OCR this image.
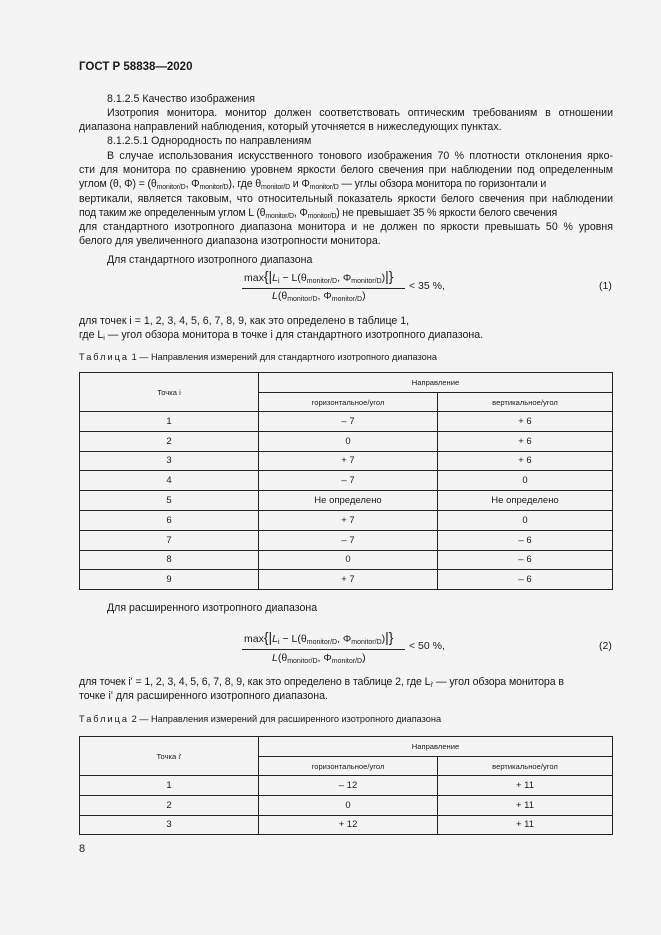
ГОСТ Р 58838—2020
8.1.2.5 Качество изображения
Изотропия монитора. монитор должен соответствовать оптическим требованиям в отношении
диапазона направлений наблюдения, который уточняется в нижеследующих пунктах.
8.1.2.5.1 Однородность по направлениям
В случае использования искусственного тонового изображения 70 % плотности отклонения ярко-
сти для монитора по сравнению уровнем яркости белого свечения при наблюдении под определенным
углом (θ, $\Phi) = (\theta_{monitor/D}$, $\Phi_{monitor/D}$), где $\theta_{monitor/D}$ и $\Phi_{monitor/D}$ — углы обзора монитора по горизонтали и
вертикали, является таковым, что относительный показатель яркости белого свечения при наблюдении
под таким же определенным углом L ($\theta_{monitor/D}$, $\Phi_{monitor/D}$) не превышает 35 % яркости белого свечения
для стандартного изотропного диапазона монитора и не должен по яркости превышать 50 % уровня
белого для увеличенного диапазона изотропности монитора.
Для стандартного изотропного диапазона
$\max\{|L_i - L(\theta_{monitor/D}$, $\Phi_{monitor/D})|$}
$L(\theta_{monitor/D}$, $\Phi_{monitor/D}$)
< 35 %,	(1)
для точек i = 1, 2, 3, 4, 5, 6, 7, 8, 9, как это определено в таблице 1,
где $L_i$ — угол обзора монитора в точке i для стандартного изотропного диапазона.
Таблица 1 — Направления измерений для стандартного изотропного диапазона
Точка i	Направление	
	горизонтальное/угол	вертикальное/угол
1	– 7	+ 6
2	0	+ 6
3	+ 7	+ 6
4	– 7	0
5	Не определено	Не определено
6	+ 7	0
7	– 7	– 6
8	0	– 6
9	+ 7	– 6
Для расширенного изотропного диапазона
$\max\{|L_i - L(\theta_{monitor/D}$, $\Phi_{monitor/D})|$}
$L(\theta_{monitor/D}$, $\Phi_{monitor/D}$)
< 50 %,	(2)
для точек i' = 1, 2, 3, 4, 5, 6, 7, 8, 9, как это определено в таблице 2, где $L_{i'}$ — угол обзора монитора в
точке i' для расширенного изотропного диапазона.
Таблица 2 — Направления измерений для расширенного изотропного диапазона
Точка i'	Направление	
	горизонтальное/угол	вертикальное/угол
1	– 12	+ 11
2	0	+ 11
3	+ 12	+ 11
8
